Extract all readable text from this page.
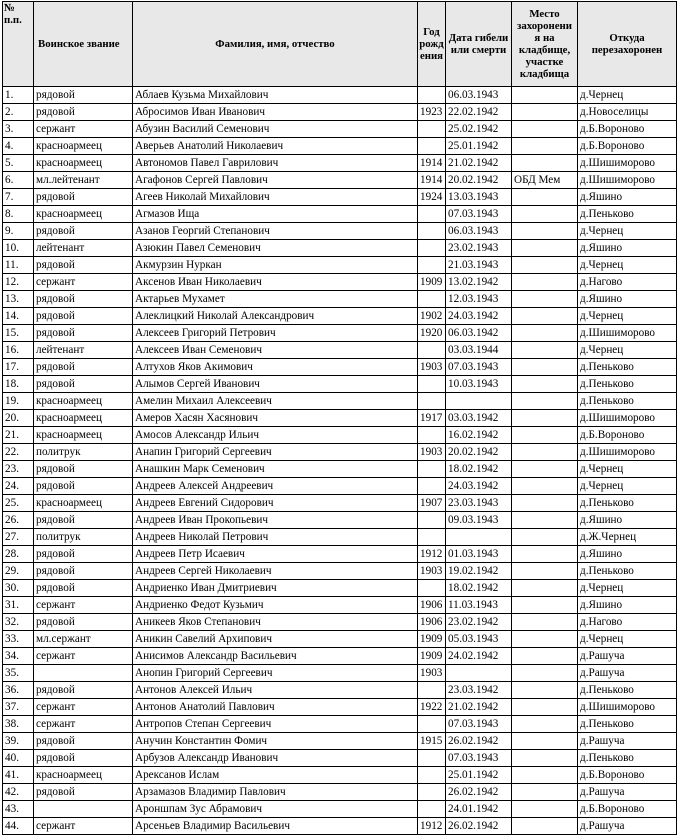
№ п.п.	Воинское звание	Фамилия, имя, отчество	Год рожд ения	Дата гибели или смерти	Место захоронени я на кладбище, участке кладбища	Откуда перезахоронен
1.	рядовой	Аблаев Кузьма Михайлович		06.03.1943		д.Чернец
2.	рядовой	Абросимов Иван Иванович	1923	22.02.1942		д.Новоселицы
3.	сержант	Абузин Василий Семенович		25.02.1942		д.Б.Вороново
4.	красноармеец	Аверьев Анатолий Николаевич		25.01.1942		д.Б.Вороново
5.	красноармеец	Автономов Павел Гаврилович	1914	21.02.1942		д.Шишиморово
6.	мл.лейтенант	Агафонов Сергей Павлович	1914	20.02.1942	ОБД Мем	д.Шишиморово
7.	рядовой	Агеев Николай Михайлович	1924	13.03.1943		д.Яшино
8.	красноармеец	Агмазов Ища		07.03.1943		д.Пеньково
9.	рядовой	Азанов Георгий Степанович		06.03.1943		д.Чернец
10.	лейтенант	Азюкин Павел Семенович		23.02.1943		д.Яшино
11.	рядовой	Акмурзин Нуркан		21.03.1943		д.Чернец
12.	сержант	Аксенов Иван Николаевич	1909	13.02.1942		д.Нагово
13.	рядовой	Актарьев Мухамет		12.03.1943		д.Яшино
14.	рядовой	Алеклицкий Николай Александрович	1902	24.03.1942		д.Чернец
15.	рядовой	Алексеев Григорий Петрович	1920	06.03.1942		д.Шишиморово
16.	лейтенант	Алексеев Иван Семенович		03.03.1944		д.Чернец
17.	рядовой	Алтухов Яков Акимович	1903	07.03.1943		д.Пеньково
18.	рядовой	Алымов Сергей Иванович		10.03.1943		д.Пеньково
19.	красноармеец	Амелин Михаил Алексеевич				д.Пеньково
20.	красноармеец	Амеров Хасян Хасянович	1917	03.03.1942		д.Шишиморово
21.	красноармеец	Амосов Александр Ильич		16.02.1942		д.Б.Вороново
22.	политрук	Анапин Григорий Сергеевич	1903	20.02.1942		д.Шишиморово
23.	рядовой	Анашкин Марк Семенович		18.02.1942		д.Чернец
24.	рядовой	Андреев Алексей Андреевич		24.03.1942		д.Чернец
25.	красноармеец	Андреев Евгений Сидорович	1907	23.03.1943		д.Пеньково
26.	рядовой	Андреев Иван Прокопьевич		09.03.1943		д.Яшино
27.	политрук	Андреев Николай Петрович				д.Ж.Чернец
28.	рядовой	Андреев Петр Исаевич	1912	01.03.1943		д.Яшино
29.	рядовой	Андреев Сергей Николаевич	1903	19.02.1942		д.Пеньково
30.	рядовой	Андриенко Иван Дмитриевич		18.02.1942		д.Чернец
31.	сержант	Андриенко Федот Кузьмич	1906	11.03.1943		д.Яшино
32.	рядовой	Аникеев Яков Степанович	1906	23.02.1942		д.Нагово
33.	мл.сержант	Аникин Савелий Архипович	1909	05.03.1943		д.Чернец
34.	сержант	Анисимов Александр Васильевич	1909	24.02.1942		д.Рашуча
35.		Анопин Григорий Сергеевич	1903			д.Рашуча
36.	рядовой	Антонов Алексей Ильич		23.03.1942		д.Пеньково
37.	сержант	Антонов Анатолий Павлович	1922	21.02.1942		д.Шишиморово
38.	сержант	Антропов Степан Сергеевич		07.03.1943		д.Пеньково
39.	рядовой	Анучин Константин Фомич	1915	26.02.1942		д.Рашуча
40.	рядовой	Арбузов Александр Иванович		07.03.1943		д.Пеньково
41.	красноармеец	Арексанов Ислам		25.01.1942		д.Б.Вороново
42.	рядовой	Арзамазов Владимир Павлович		26.02.1942		д.Рашуча
43.		Ароншпам Зус Абрамович		24.01.1942		д.Б.Вороново
44.	сержант	Арсеньев Владимир Васильевич	1912	26.02.1942		д.Рашуча
